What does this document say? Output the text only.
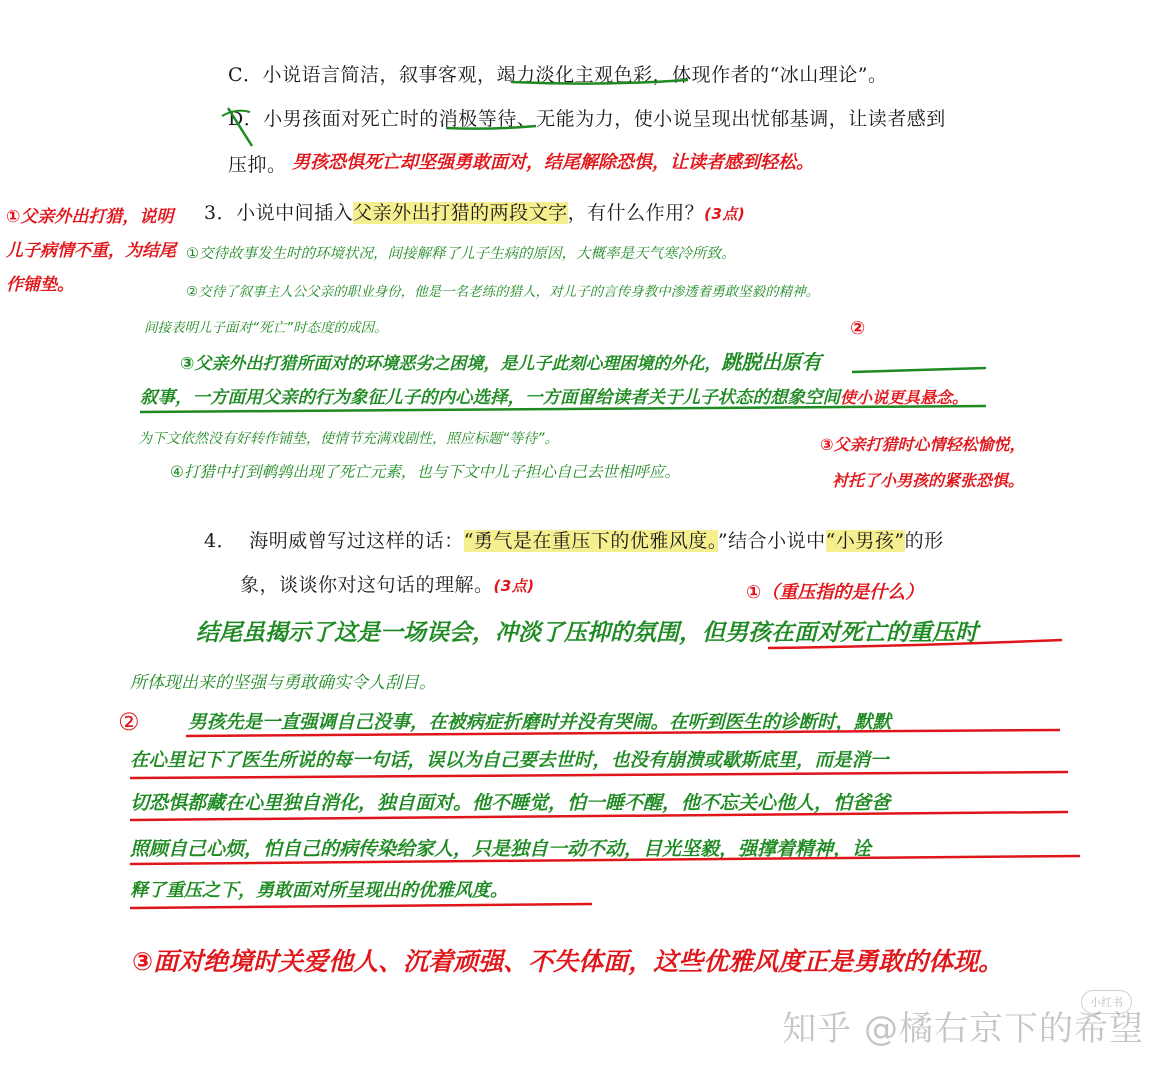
C．小说语言简洁，叙事客观，竭力淡化主观色彩，体现作者的“冰山理论”。
D．小男孩面对死亡时的消极等待、无能为力，使小说呈现出忧郁基调，让读者感到
压抑。 男孩恐惧死亡却坚强勇敢面对，结尾解除恐惧，让读者感到轻松。
3．小说中间插入父亲外出打猎的两段文字，有什么作用？(3点)
①父亲外出打猎，说明
儿子病情不重，为结尾
作铺垫。
①交待故事发生时的环境状况，间接解释了儿子生病的原因，大概率是天气寒冷所致。
②交待了叙事主人公父亲的职业身份，他是一名老练的猎人，对儿子的言传身教中渗透着勇敢坚毅的精神。
间接表明儿子面对“死亡”时态度的成因。	②
③父亲外出打猎所面对的环境恶劣之困境，是儿子此刻心理困境的外化，跳脱出原有
叙事，一方面用父亲的行为象征儿子的内心选择，一方面留给读者关于儿子状态的想象空间使小说更具悬念。
为下文依然没有好转作铺垫，使情节充满戏剧性，照应标题“等待”。
④打猎中打到鹌鹑出现了死亡元素，也与下文中儿子担心自己去世相呼应。
③父亲打猎时心情轻松愉悦，
衬托了小男孩的紧张恐惧。
4． 海明威曾写过这样的话：“勇气是在重压下的优雅风度。”结合小说中“小男孩”的形
象，谈谈你对这句话的理解。(3点)	①（重压指的是什么）
结尾虽揭示了这是一场误会，冲淡了压抑的氛围，但男孩在面对死亡的重压时
所体现出来的坚强与勇敢确实令人刮目。
②	男孩先是一直强调自己没事，在被病症折磨时并没有哭闹。在听到医生的诊断时，默默
在心里记下了医生所说的每一句话，误以为自己要去世时，也没有崩溃或歇斯底里，而是消一
切恐惧都藏在心里独自消化，独自面对。他不睡觉，怕一睡不醒，他不忘关心他人，怕爸爸
照顾自己心烦，怕自己的病传染给家人，只是独自一动不动，目光坚毅，强撑着精神，诠
释了重压之下，勇敢面对所呈现出的优雅风度。
③面对绝境时关爱他人、沉着顽强、不失体面，这些优雅风度正是勇敢的体现。
小红书
知乎 @橘右京下的希望
